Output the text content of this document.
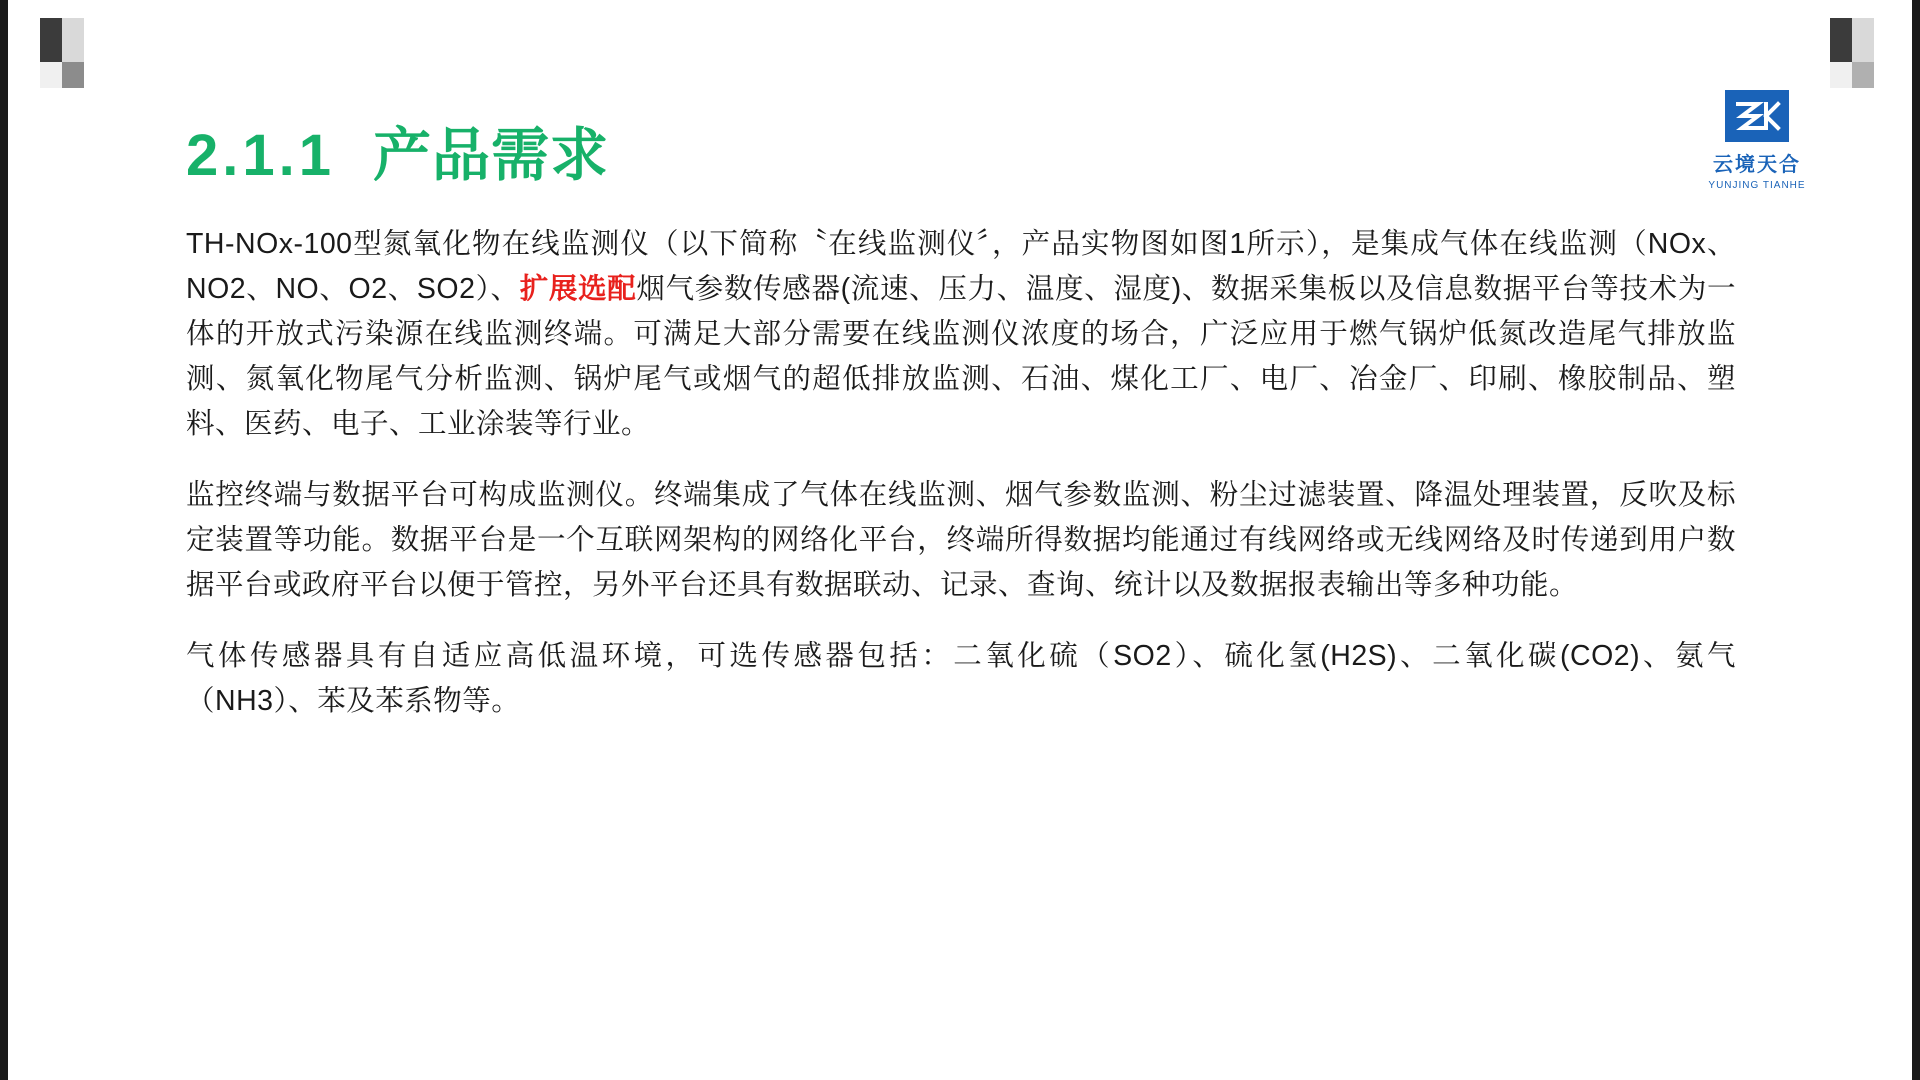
云境天合
YUNJING TIANHE
2.1.1 产品需求

TH-NOx-100型氮氧化物在线监测仪（以下简称〝在线监测仪〞，产品实物图如图1所示），是集成气体在线监测（NOx、NO2、NO、O2、SO2）、扩展选配烟气参数传感器(流速、压力、温度、湿度)、数据采集板以及信息数据平台等技术为一体的开放式污染源在线监测终端。可满足大部分需要在线监测仪浓度的场合，广泛应用于燃气锅炉低氮改造尾气排放监测、氮氧化物尾气分析监测、锅炉尾气或烟气的超低排放监测、石油、煤化工厂、电厂、冶金厂、印刷、橡胶制品、塑料、医药、电子、工业涂装等行业。

监控终端与数据平台可构成监测仪。终端集成了气体在线监测、烟气参数监测、粉尘过滤装置、降温处理装置，反吹及标定装置等功能。数据平台是一个互联网架构的网络化平台，终端所得数据均能通过有线网络或无线网络及时传递到用户数据平台或政府平台以便于管控，另外平台还具有数据联动、记录、查询、统计以及数据报表输出等多种功能。

气体传感器具有自适应高低温环境，可选传感器包括：二氧化硫（SO2）、硫化氢(H2S)、二氧化碳(CO2)、氨气（NH3）、苯及苯系物等。
